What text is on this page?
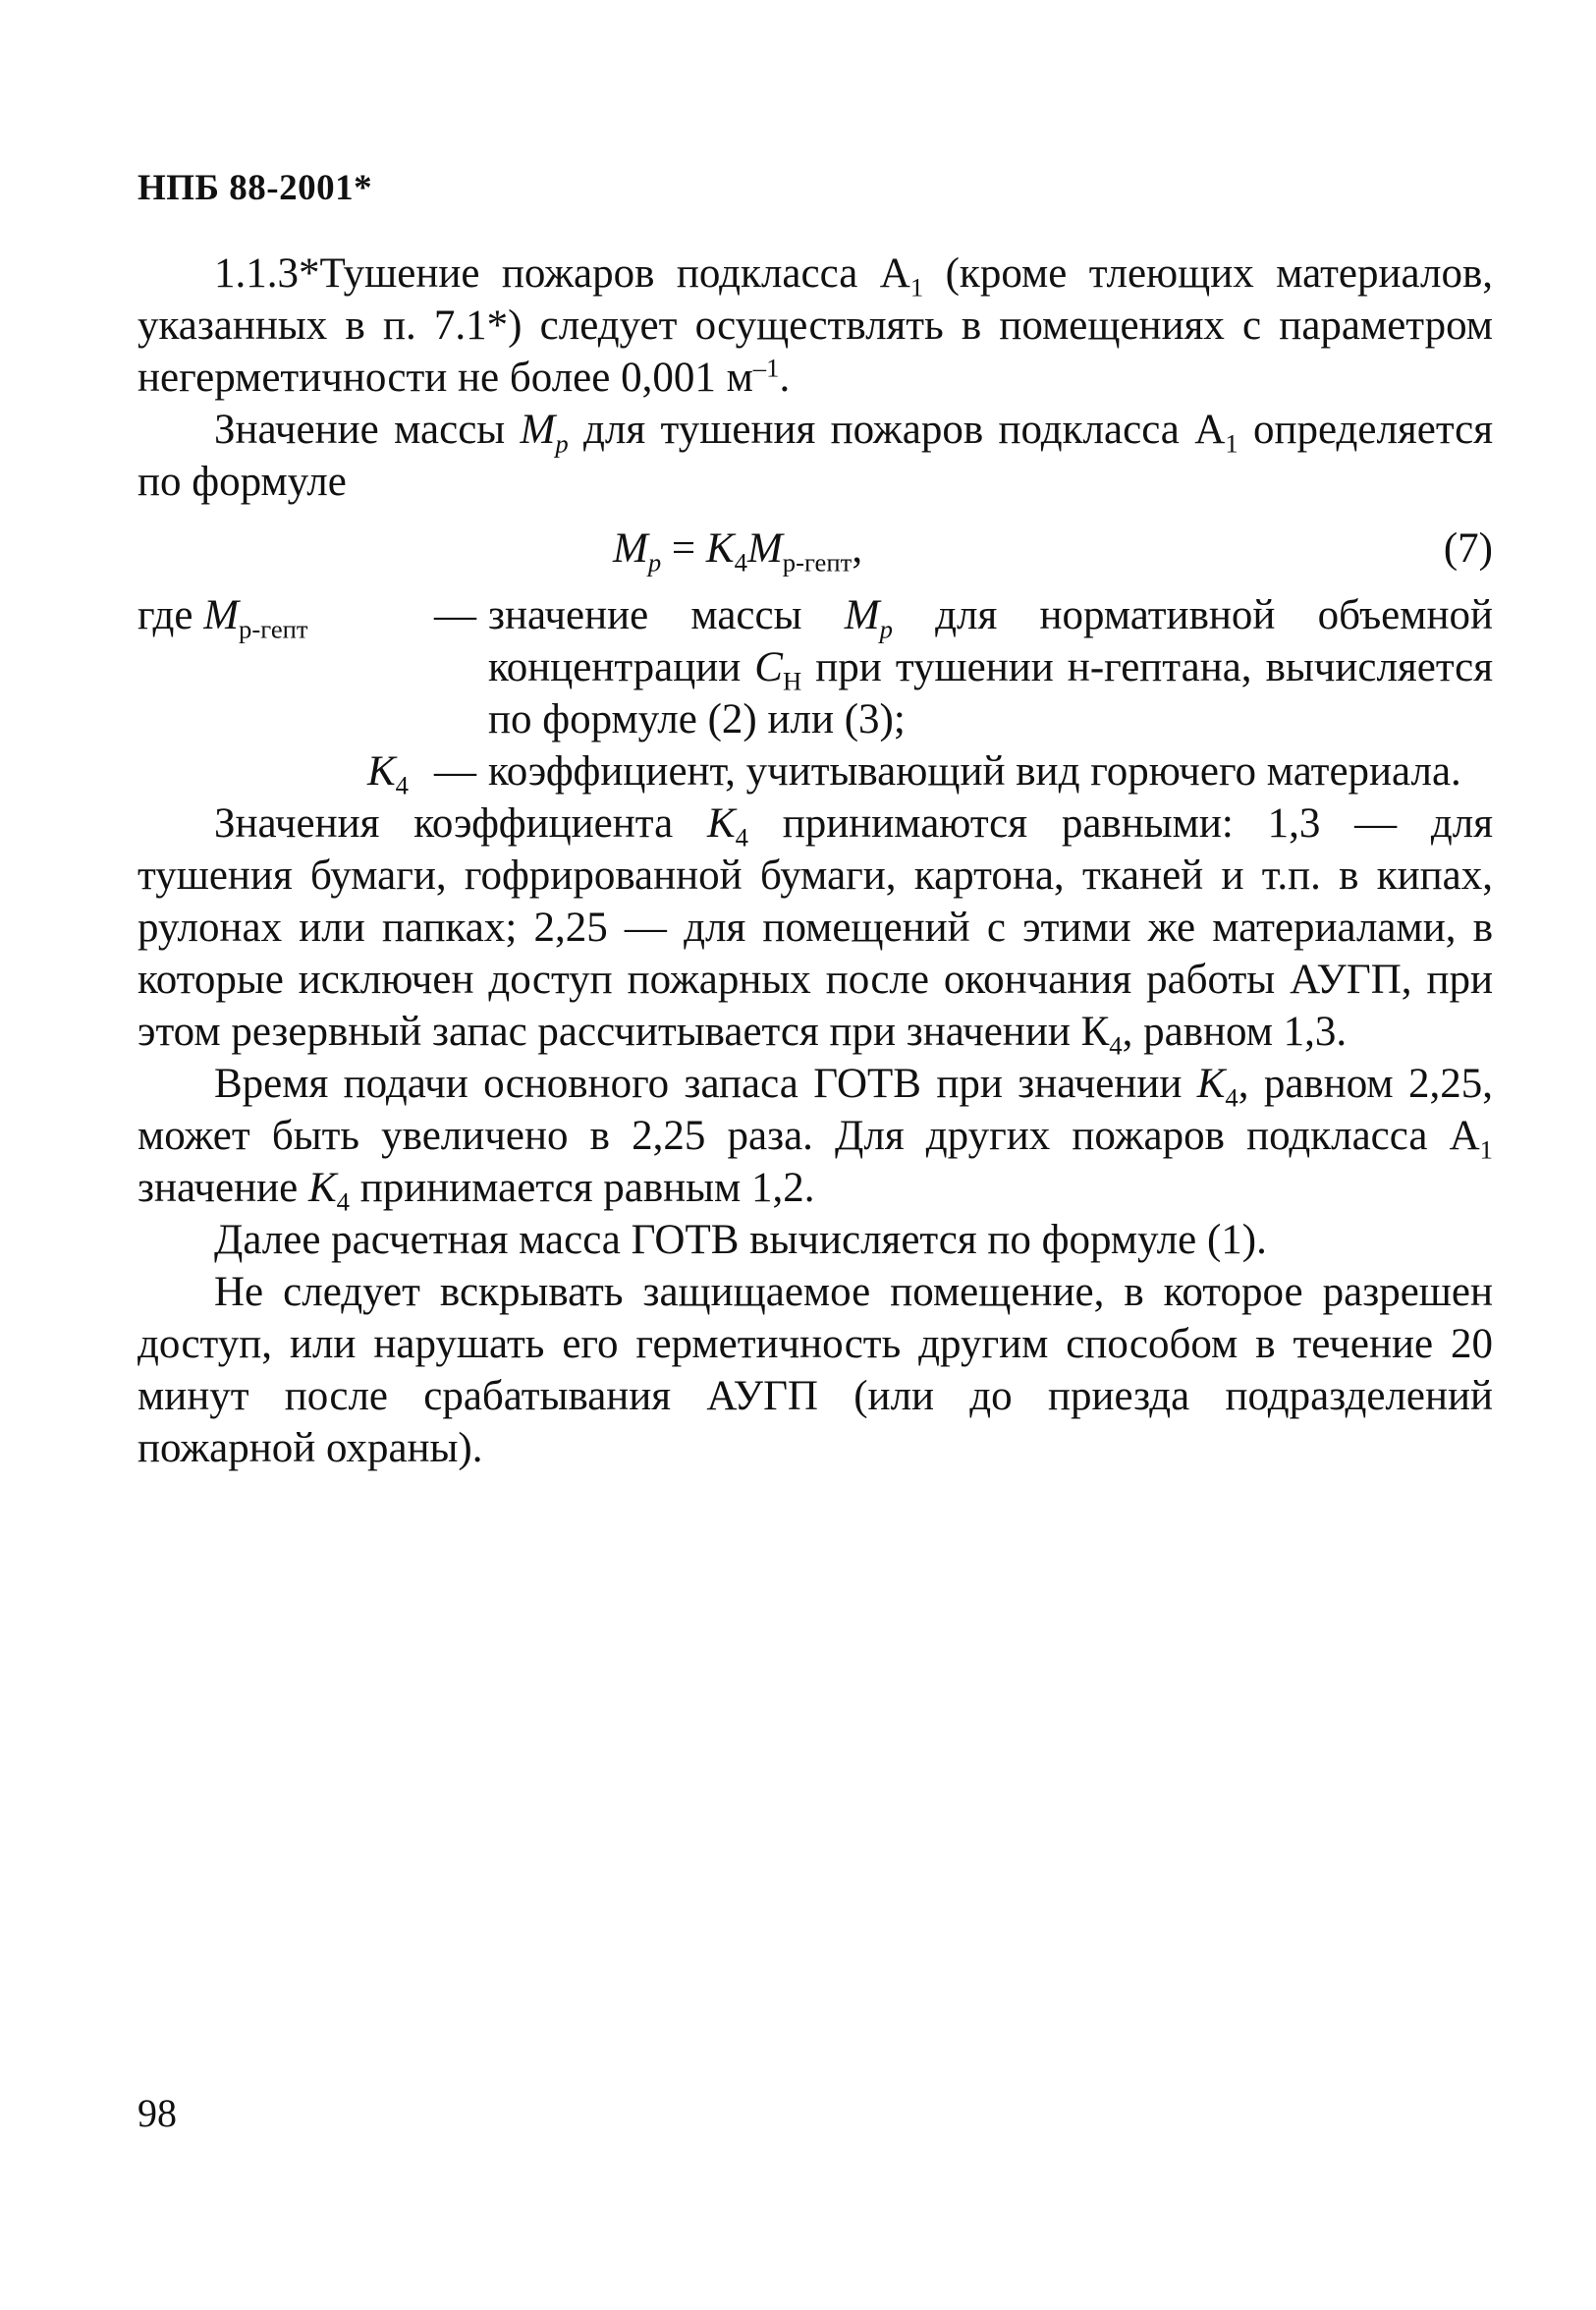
НПБ 88-2001*

1.1.3*Тушение пожаров подкласса $А_1$ (кроме тлеющих материалов, указанных в п. 7.1*) следует осуществлять в помещениях с параметром негерметичности не более 0,001 $м^{-1}$.

Значение массы $M_p$ для тушения пожаров подкласса $А_1$ определяется по формуле

$M_p = K_4M_{р-гепт}$,	(7)
где $M_{р-гепт}$	— значение массы $M_p$ для нормативной объемной концентрации $C_Н$ при тушении н-гептана, вычисляется по формуле (2) или (3);
$K_4$ — коэффициент, учитывающий вид горючего материала.

Значения коэффициента $K_4$ принимаются равными: 1,3 — для тушения бумаги, гофрированной бумаги, картона, тканей и т.п. в кипах, рулонах или папках; 2,25 — для помещений с этими же материалами, в которые исключен доступ пожарных после окончания работы АУГП, при этом резервный запас рассчитывается при значении $К_4$, равном 1,3.

Время подачи основного запаса ГОТВ при значении $K_4$, равном 2,25, может быть увеличено в 2,25 раза. Для других пожаров подкласса $А_1$ значение $K_4$ принимается равным 1,2.

Далее расчетная масса ГОТВ вычисляется по формуле (1).

Не следует вскрывать защищаемое помещение, в которое разрешен доступ, или нарушать его герметичность другим способом в течение 20 минут после срабатывания АУГП (или до приезда подразделений пожарной охраны).

98
